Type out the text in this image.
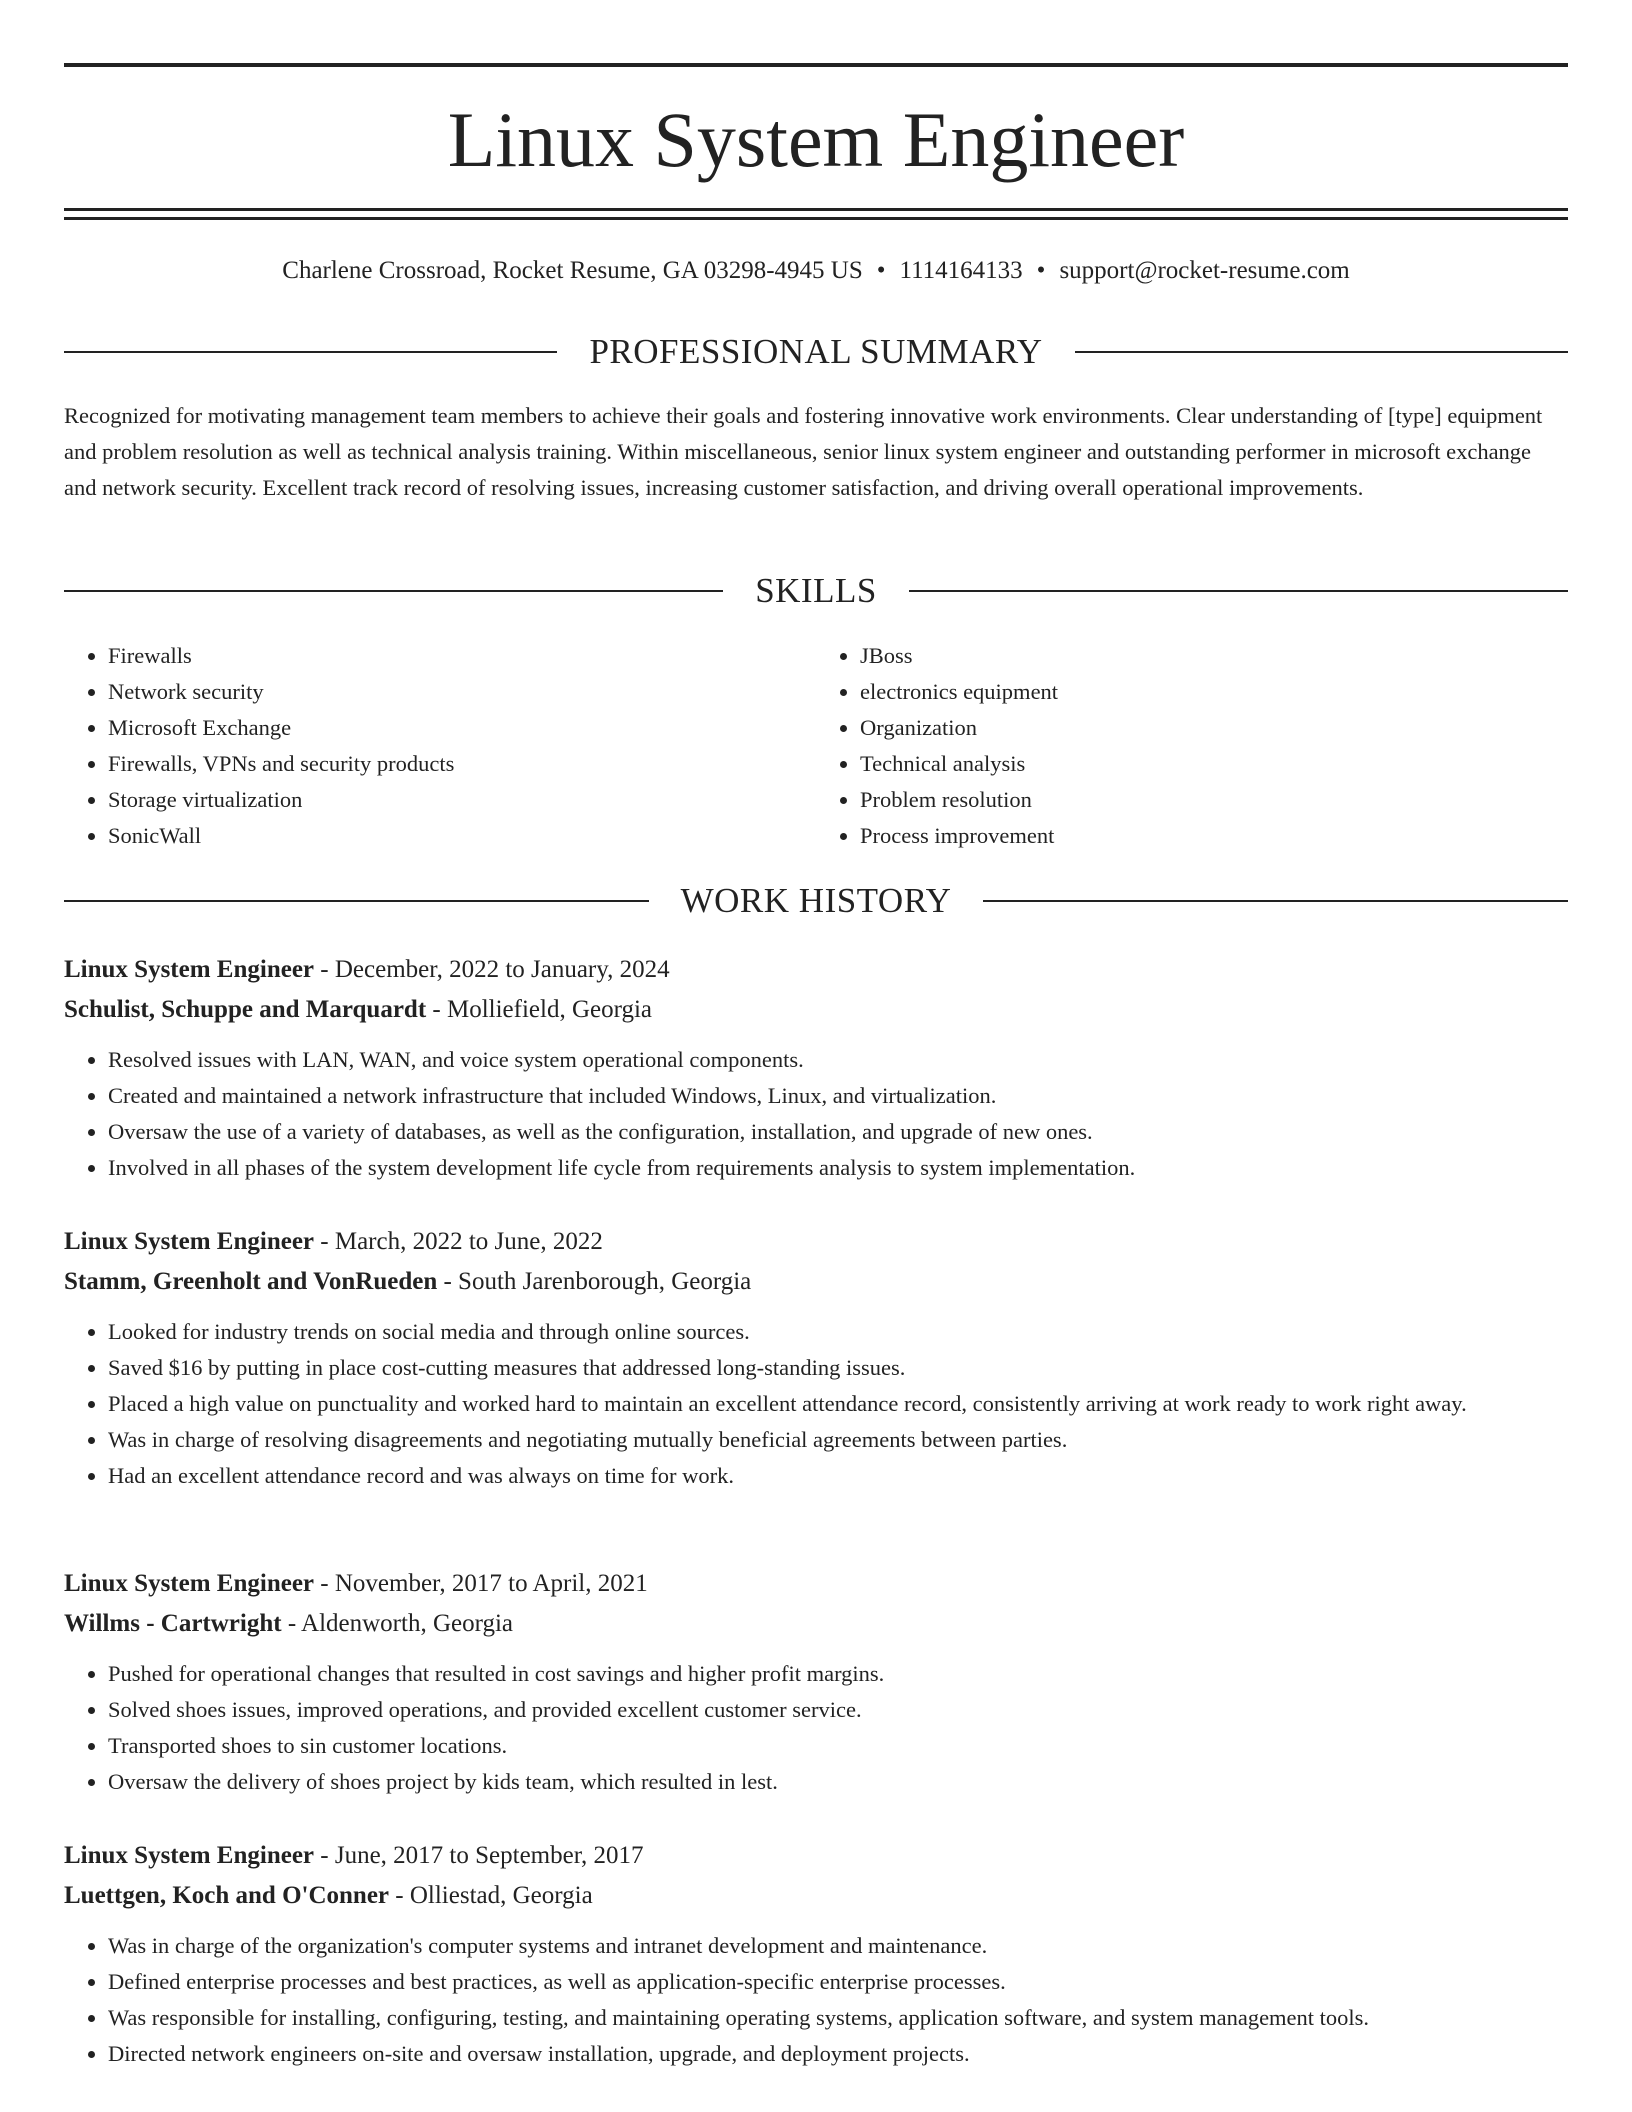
Linux System Engineer

Charlene Crossroad, Rocket Resume, GA 03298-4945 US • 1114164133 • support@rocket-resume.com

PROFESSIONAL SUMMARY

Recognized for motivating management team members to achieve their goals and fostering innovative work environments. Clear understanding of [type] equipment and problem resolution as well as technical analysis training. Within miscellaneous, senior linux system engineer and outstanding performer in microsoft exchange and network security. Excellent track record of resolving issues, increasing customer satisfaction, and driving overall operational improvements.

SKILLS
• Firewalls
• Network security
• Microsoft Exchange
• Firewalls, VPNs and security products
• Storage virtualization
• SonicWall
• JBoss
• electronics equipment
• Organization
• Technical analysis
• Problem resolution
• Process improvement
WORK HISTORY

Linux System Engineer - December, 2022 to January, 2024

Schulist, Schuppe and Marquardt - Molliefield, Georgia

• Resolved issues with LAN, WAN, and voice system operational components.
• Created and maintained a network infrastructure that included Windows, Linux, and virtualization.
• Oversaw the use of a variety of databases, as well as the configuration, installation, and upgrade of new ones.
• Involved in all phases of the system development life cycle from requirements analysis to system implementation.

Linux System Engineer - March, 2022 to June, 2022

Stamm, Greenholt and VonRueden - South Jarenborough, Georgia

• Looked for industry trends on social media and through online sources.
• Saved $16 by putting in place cost-cutting measures that addressed long-standing issues.
• Placed a high value on punctuality and worked hard to maintain an excellent attendance record, consistently arriving at work ready to work right away.
• Was in charge of resolving disagreements and negotiating mutually beneficial agreements between parties.
• Had an excellent attendance record and was always on time for work.

Linux System Engineer - November, 2017 to April, 2021

Willms - Cartwright - Aldenworth, Georgia

• Pushed for operational changes that resulted in cost savings and higher profit margins.
• Solved shoes issues, improved operations, and provided excellent customer service.
• Transported shoes to sin customer locations.
• Oversaw the delivery of shoes project by kids team, which resulted in lest.

Linux System Engineer - June, 2017 to September, 2017

Luettgen, Koch and O'Conner - Olliestad, Georgia

• Was in charge of the organization's computer systems and intranet development and maintenance.
• Defined enterprise processes and best practices, as well as application-specific enterprise processes.
• Was responsible for installing, configuring, testing, and maintaining operating systems, application software, and system management tools.
• Directed network engineers on-site and oversaw installation, upgrade, and deployment projects.
